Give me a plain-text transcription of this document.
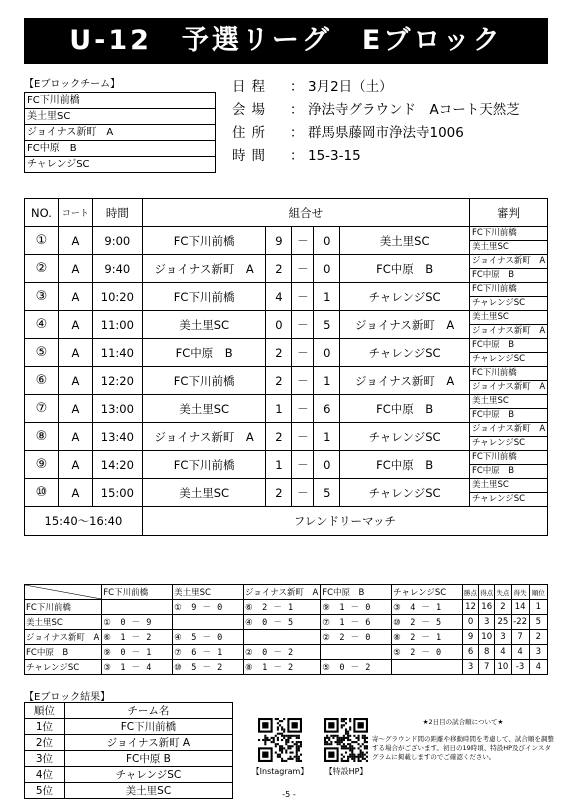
U-12　予選リーグ　Eブロック
【Eブロックチーム】
FC下川前橋
美土里SC
ジョイナス新町　A
FC中原　B
チャレンジSC
日程 ： 3月2日（土）
会場 ： 浄法寺グラウンド　Aコート天然芝
住所 ： 群馬県藤岡市浄法寺1006
時間 ： 15-3-15
NO.	コート	時間	組合せ					審判
①	A	9:00	FC下川前橋	9	－	0	美土里SC	FC下川前橋
								美土里SC
②	A	9:40	ジョイナス新町　A	2	－	0	FC中原　B	ジョイナス新町　A
								FC中原　B
③	A	10:20	FC下川前橋	4	－	1	チャレンジSC	FC下川前橋
								チャレンジSC
④	A	11:00	美土里SC	0	－	5	ジョイナス新町　A	美土里SC
								ジョイナス新町　A
⑤	A	11:40	FC中原　B	2	－	0	チャレンジSC	FC中原　B
								チャレンジSC
⑥	A	12:20	FC下川前橋	2	－	1	ジョイナス新町　A	FC下川前橋
								ジョイナス新町　A
⑦	A	13:00	美土里SC	1	－	6	FC中原　B	美土里SC
								FC中原　B
⑧	A	13:40	ジョイナス新町　A	2	－	1	チャレンジSC	ジョイナス新町　A
								チャレンジSC
⑨	A	14:20	FC下川前橋	1	－	0	FC中原　B	FC下川前橋
								FC中原　B
⑩	A	15:00	美土里SC	2	－	5	チャレンジSC	美土里SC
								チャレンジSC
15:40～16:40			フレンドリーマッチ					
	FC下川前橋	美土里SC	ジョイナス新町　A	FC中原　B	チャレンジSC	勝点	得点	失点	得失	順位
FC下川前橋		①　9 － 0	⑥　2 － 1	⑨　1 － 0	③　4 － 1	12	16	2	14	1
美土里SC	①　0 － 9		④　0 － 5	⑦　1 － 6	⑩　2 － 5	0	3	25	-22	5
ジョイナス新町　A	⑥　1 － 2	④　5 － 0		②　2 － 0	⑧　2 － 1	9	10	3	7	2
FC中原　B	⑨　0 － 1	⑦　6 － 1	②　0 － 2		⑤　2 － 0	6	8	4	4	3
チャレンジSC	③　1 － 4	⑩　5 － 2	⑧　1 － 2	⑤　0 － 2		3	7	10	-3	4
【Eブロック結果】
順位	チーム名
1位	FC下川前橋
2位	ジョイナス新町 A
3位	FC中原 B
4位	チャレンジSC
5位	美土里SC
【Instagram】	【特設HP】
★2日目の試合順について★
寄～グラウンド間の距離や移動時間を考慮して、試合順を調整する場合がございます。初日の19時頃、特設HP及びインスタグラムに掲載しますのでご確認ください。
-5 -
